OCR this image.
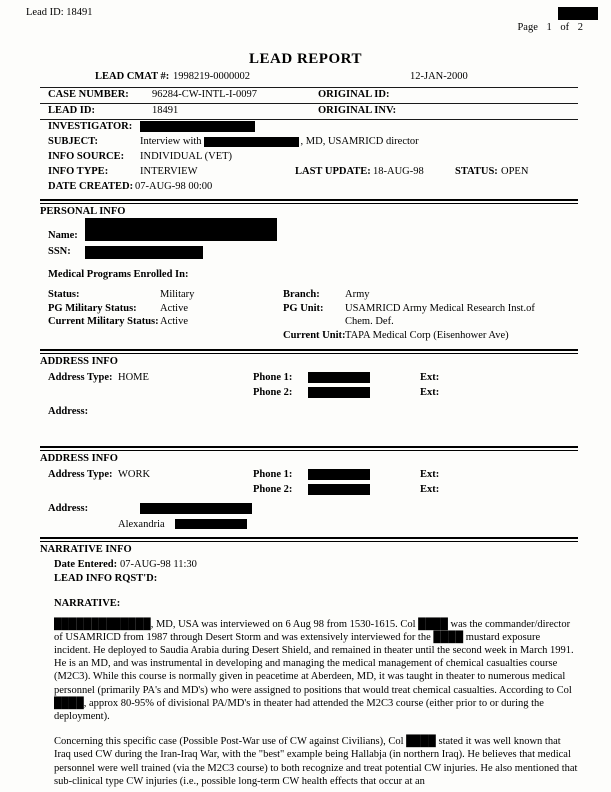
Lead ID: 18491
Page 1 of 2
LEAD REPORT
LEAD CMAT #: 1998219-0000002	12-JAN-2000
CASE NUMBER: 96284-CW-INTL-I-0097	ORIGINAL ID:
LEAD ID:	18491	ORIGINAL INV:
INVESTIGATOR:
SUBJECT:	Interview with	, MD, USAMRICD director
INFO SOURCE: INDIVIDUAL (VET)
INFO TYPE:	INTERVIEW	LAST UPDATE: 18-AUG-98	STATUS: OPEN
DATE CREATED: 07-AUG-98 00:00
PERSONAL INFO
Name:
SSN:
Medical Programs Enrolled In:
Status:	Military	Branch: Army
PG Military Status: Active	PG Unit: USAMRICD Army Medical Research Inst.of
Current Military Status: Active	Chem. Def.
Current Unit: TAPA Medical Corp (Eisenhower Ave)
ADDRESS INFO
Address Type: HOME	Phone 1:	Ext:
Phone 2:	Ext:
Address:
ADDRESS INFO
Address Type: WORK	Phone 1:	Ext:
Phone 2:	Ext:
Address:
Alexandria
NARRATIVE INFO
Date Entered: 07-AUG-98 11:30
LEAD INFO RQST'D:
NARRATIVE:

█████████████, MD, USA was interviewed on 6 Aug 98 from 1530-1615. Col ████ was the commander/director of USAMRICD from 1987 through Desert Storm and was extensively interviewed for the ████ mustard exposure incident. He deployed to Saudia Arabia during Desert Shield, and remained in theater until the second week in March 1991. He is an MD, and was instrumental in developing and managing the medical management of chemical casualties course (M2C3). While this course is normally given in peacetime at Aberdeen, MD, it was taught in theater to numerous medical personnel (primarily PA's and MD's) who were assigned to positions that would treat chemical casualties. According to Col ████, approx 80-95% of divisional PA/MD's in theater had attended the M2C3 course (either prior to or during the deployment).

Concerning this specific case (Possible Post-War use of CW against Civilians), Col ████ stated it was well known that Iraq used CW during the Iran-Iraq War, with the "best" example being Hallabja (in northern Iraq). He believes that medical personnel were well trained (via the M2C3 course) to both recognize and treat potential CW injuries. He also mentioned that sub-clinical type CW injuries (i.e., possible long-term CW health effects that occur at an
